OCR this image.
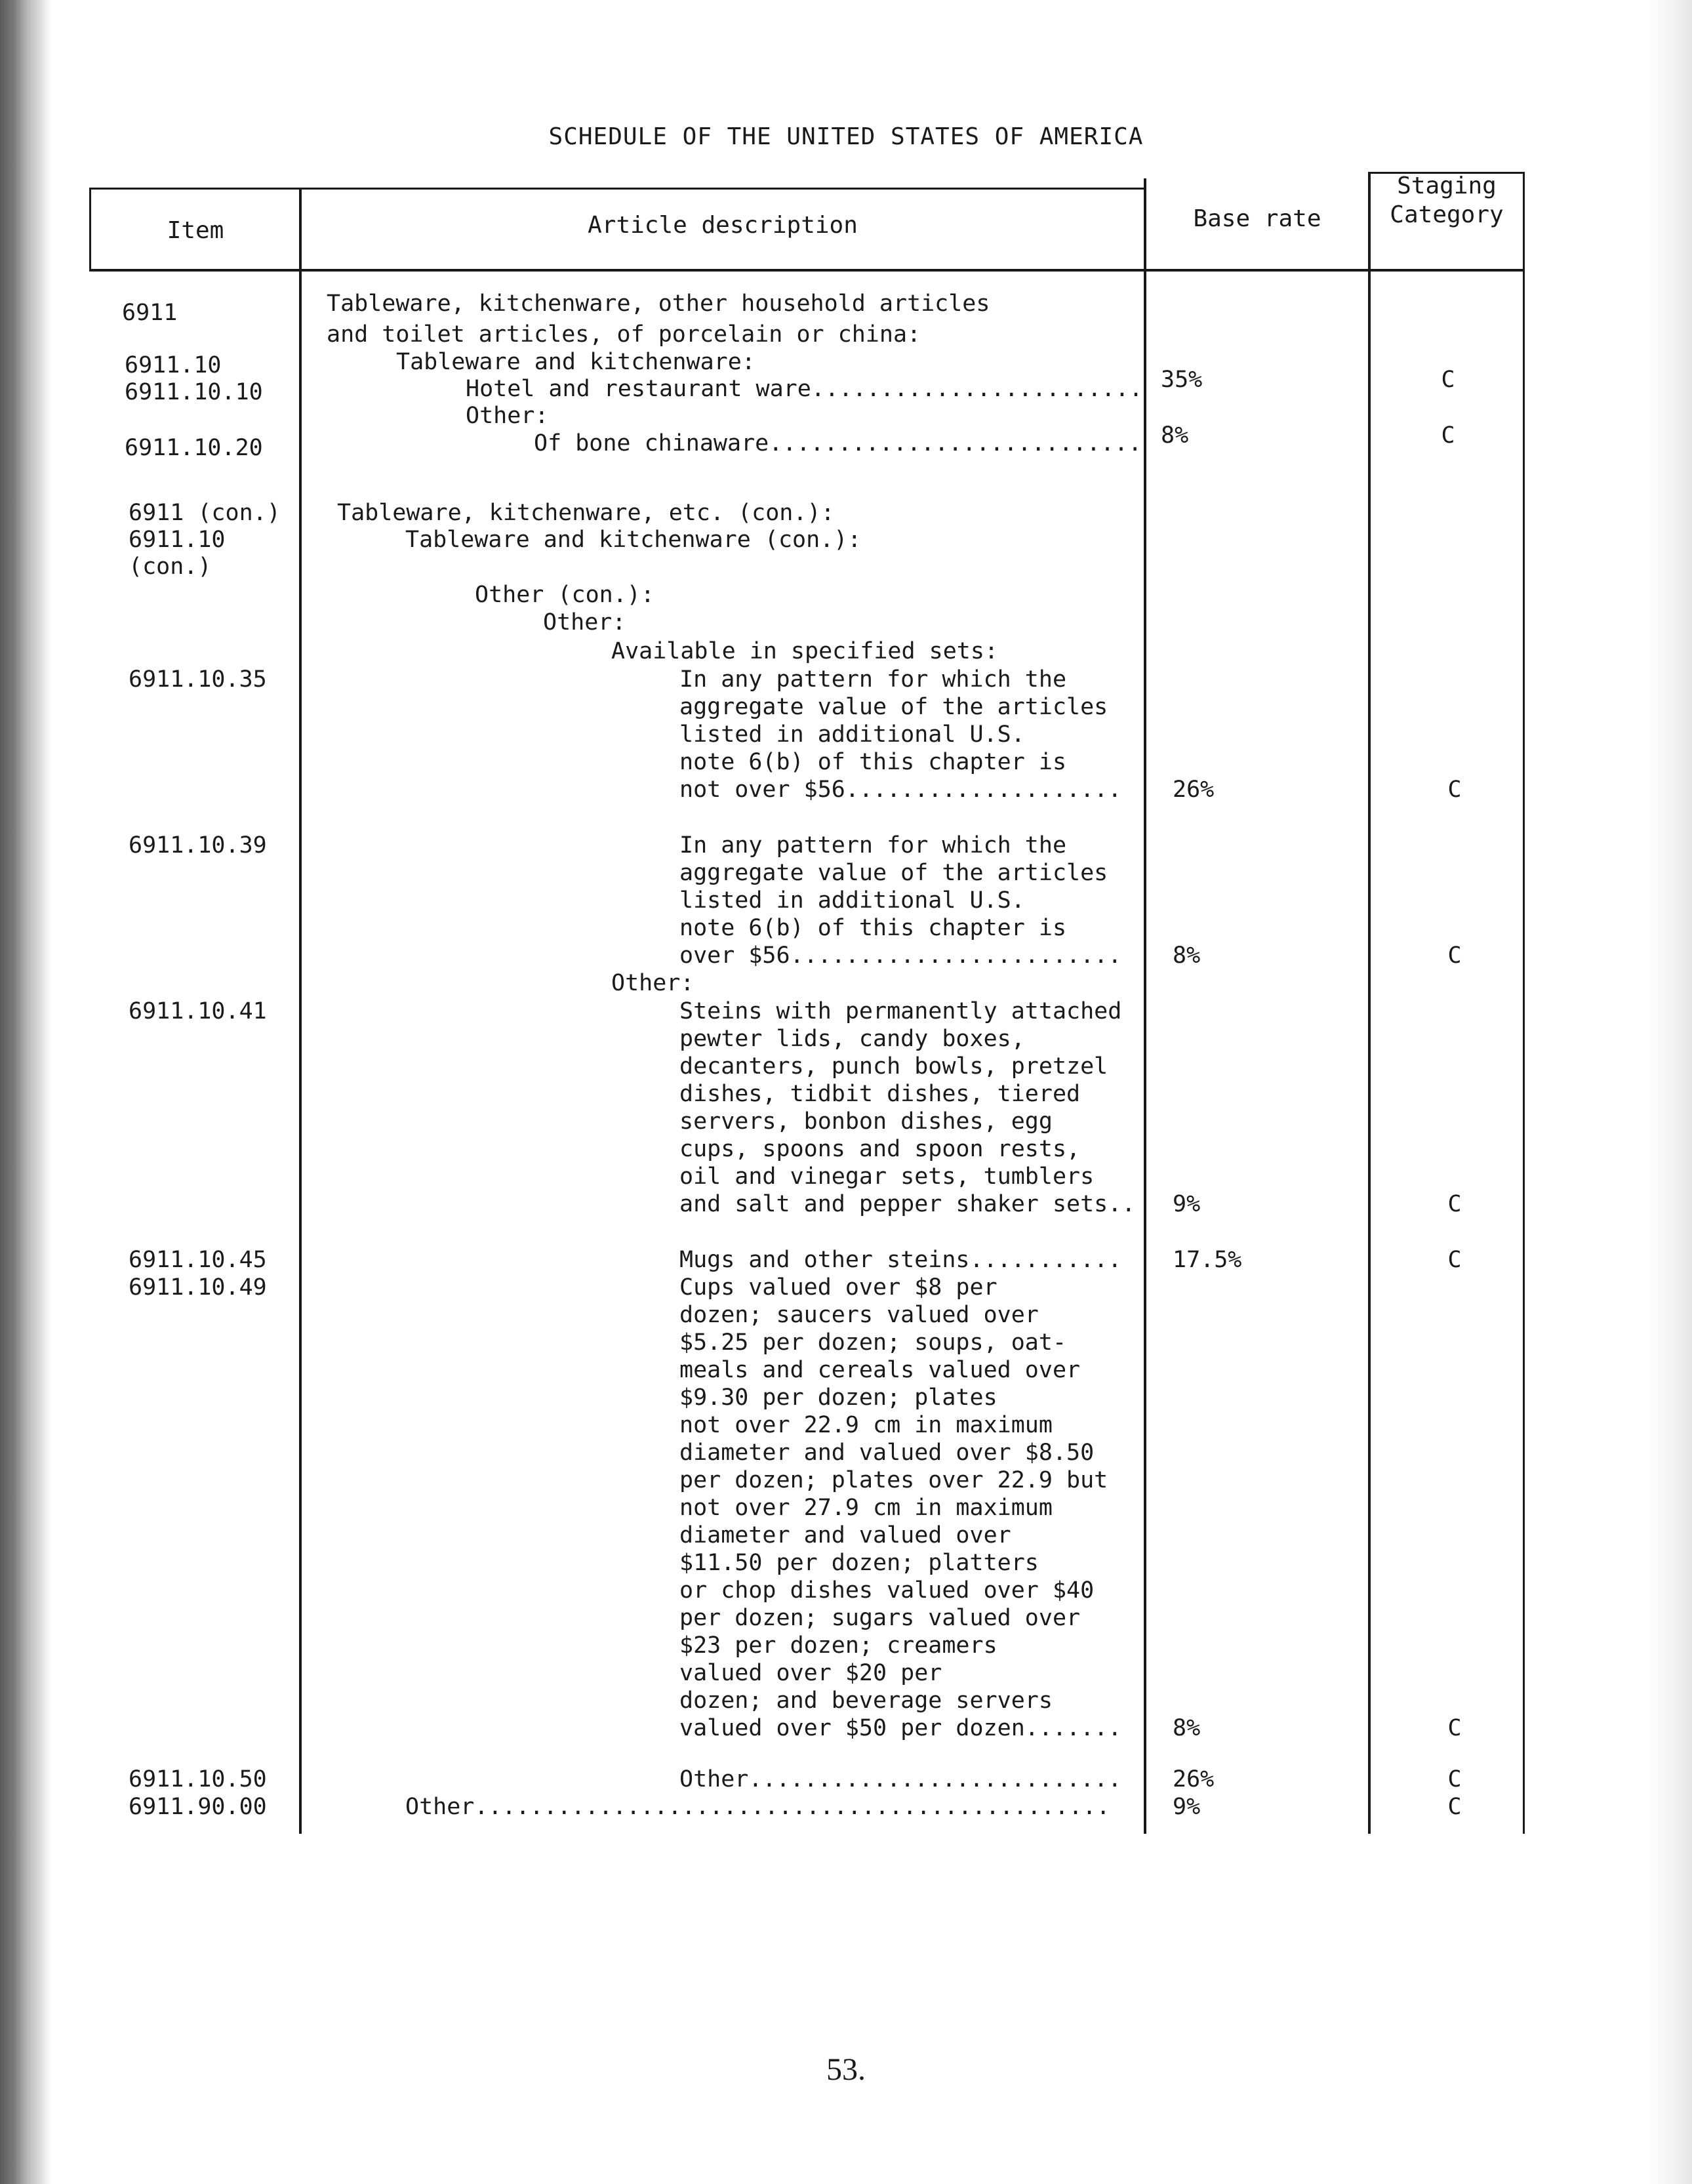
SCHEDULE OF THE UNITED STATES OF AMERICA
Item	Article description	Base rate
Staging
Category
6911
6911.10
6911.10.10
6911.10.20
6911 (con.)
6911.10
(con.)
6911.10.35
6911.10.39
6911.10.41
6911.10.45
6911.10.49
6911.10.50
6911.90.00
Tableware, kitchenware, other household articles
and toilet articles, of porcelain or china:
Tableware and kitchenware:
Hotel and restaurant ware........................
Other:
Of bone chinaware...........................
Tableware, kitchenware, etc. (con.):
Tableware and kitchenware (con.):
Other (con.):
Other:
Available in specified sets:
In any pattern for which the
aggregate value of the articles
listed in additional U.S.
note 6(b) of this chapter is
not over $56....................
In any pattern for which the
aggregate value of the articles
listed in additional U.S.
note 6(b) of this chapter is
over $56........................
Other:
Steins with permanently attached
pewter lids, candy boxes,
decanters, punch bowls, pretzel
dishes, tidbit dishes, tiered
servers, bonbon dishes, egg
cups, spoons and spoon rests,
oil and vinegar sets, tumblers
and salt and pepper shaker sets..
Mugs and other steins...........
Cups valued over $8 per
dozen; saucers valued over
$5.25 per dozen; soups, oat-
meals and cereals valued over
$9.30 per dozen; plates
not over 22.9 cm in maximum
diameter and valued over $8.50
per dozen; plates over 22.9 but
not over 27.9 cm in maximum
diameter and valued over
$11.50 per dozen; platters
or chop dishes valued over $40
per dozen; sugars valued over
$23 per dozen; creamers
valued over $20 per
dozen; and beverage servers
valued over $50 per dozen.......
Other...........................
Other..............................................
35%
8%
26%
8%
9%
17.5%
8%
26%
9%
C
C
C
C
C
C
C
C
C
53.
